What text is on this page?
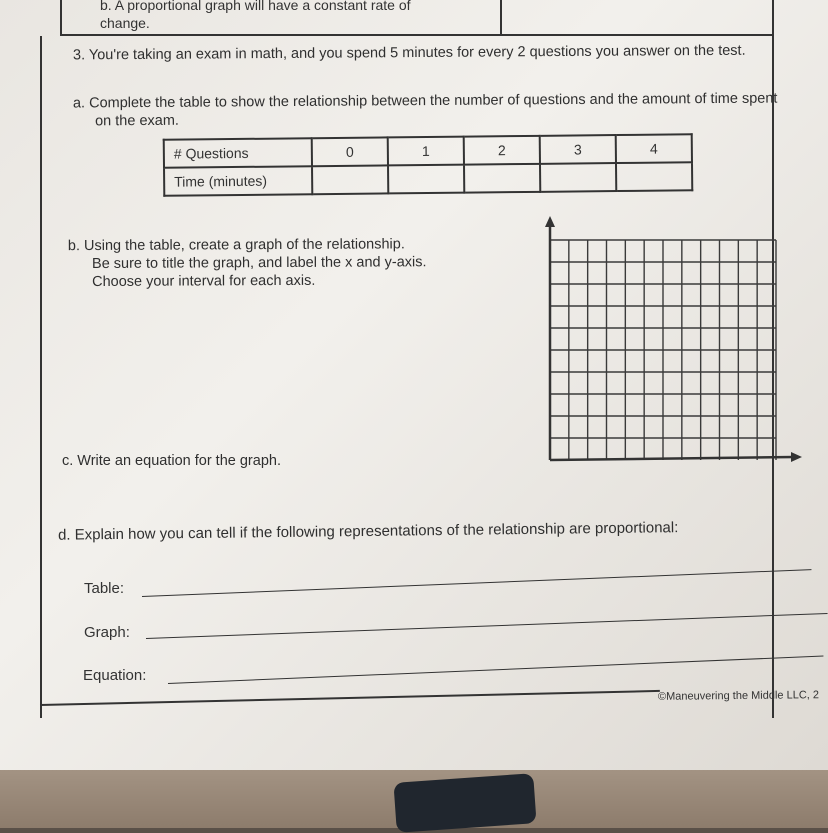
b. A proportional graph will have a constant rate of
change.
3. You're taking an exam in math, and you spend 5 minutes for every 2 questions you answer on the test.
a. Complete the table to show the relationship between the number of questions and the amount of time spent on the exam.
# Questions	0	1	2	3	4
Time (minutes)					
b. Using the table, create a graph of the relationship.
Be sure to title the graph, and label the x and y-axis.
Choose your interval for each axis.
c. Write an equation for the graph.
d. Explain how you can tell if the following representations of the relationship are proportional:
Table:
Graph:
Equation:
©Maneuvering the Middle LLC, 2
